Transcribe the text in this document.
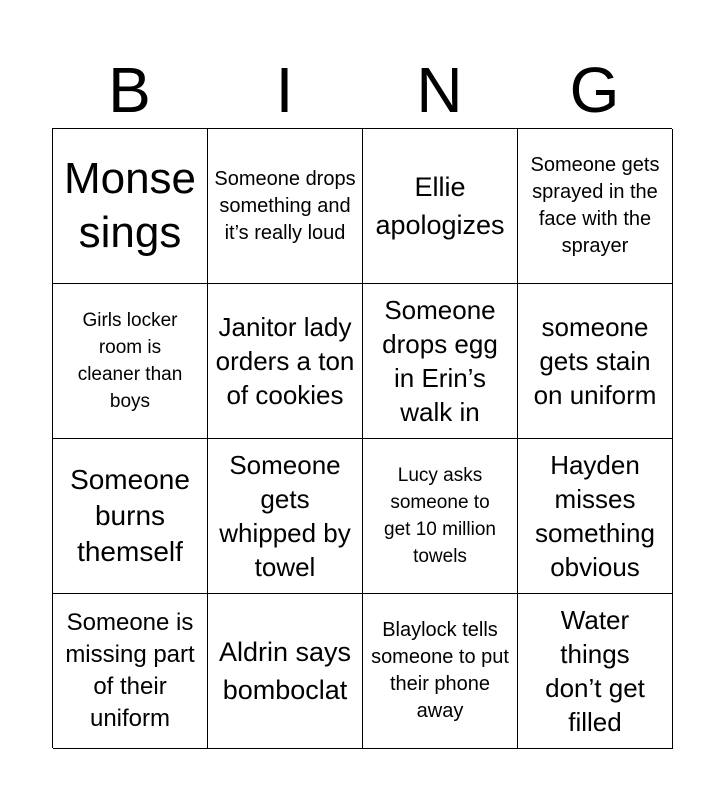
B	I	N	G
Monse sings
Someone drops something and it’s really loud
Ellie apologizes
Someone gets sprayed in the face with the sprayer
Girls locker room is cleaner than boys
Janitor lady orders a ton of cookies
Someone drops egg in Erin’s walk in
someone gets stain on uniform
Someone burns themself
Someone gets whipped by towel
Lucy asks someone to get 10 million towels
Hayden misses something obvious
Someone is missing part of their uniform
Aldrin says bomboclat
Blaylock tells someone to put their phone away
Water things don’t get filled
